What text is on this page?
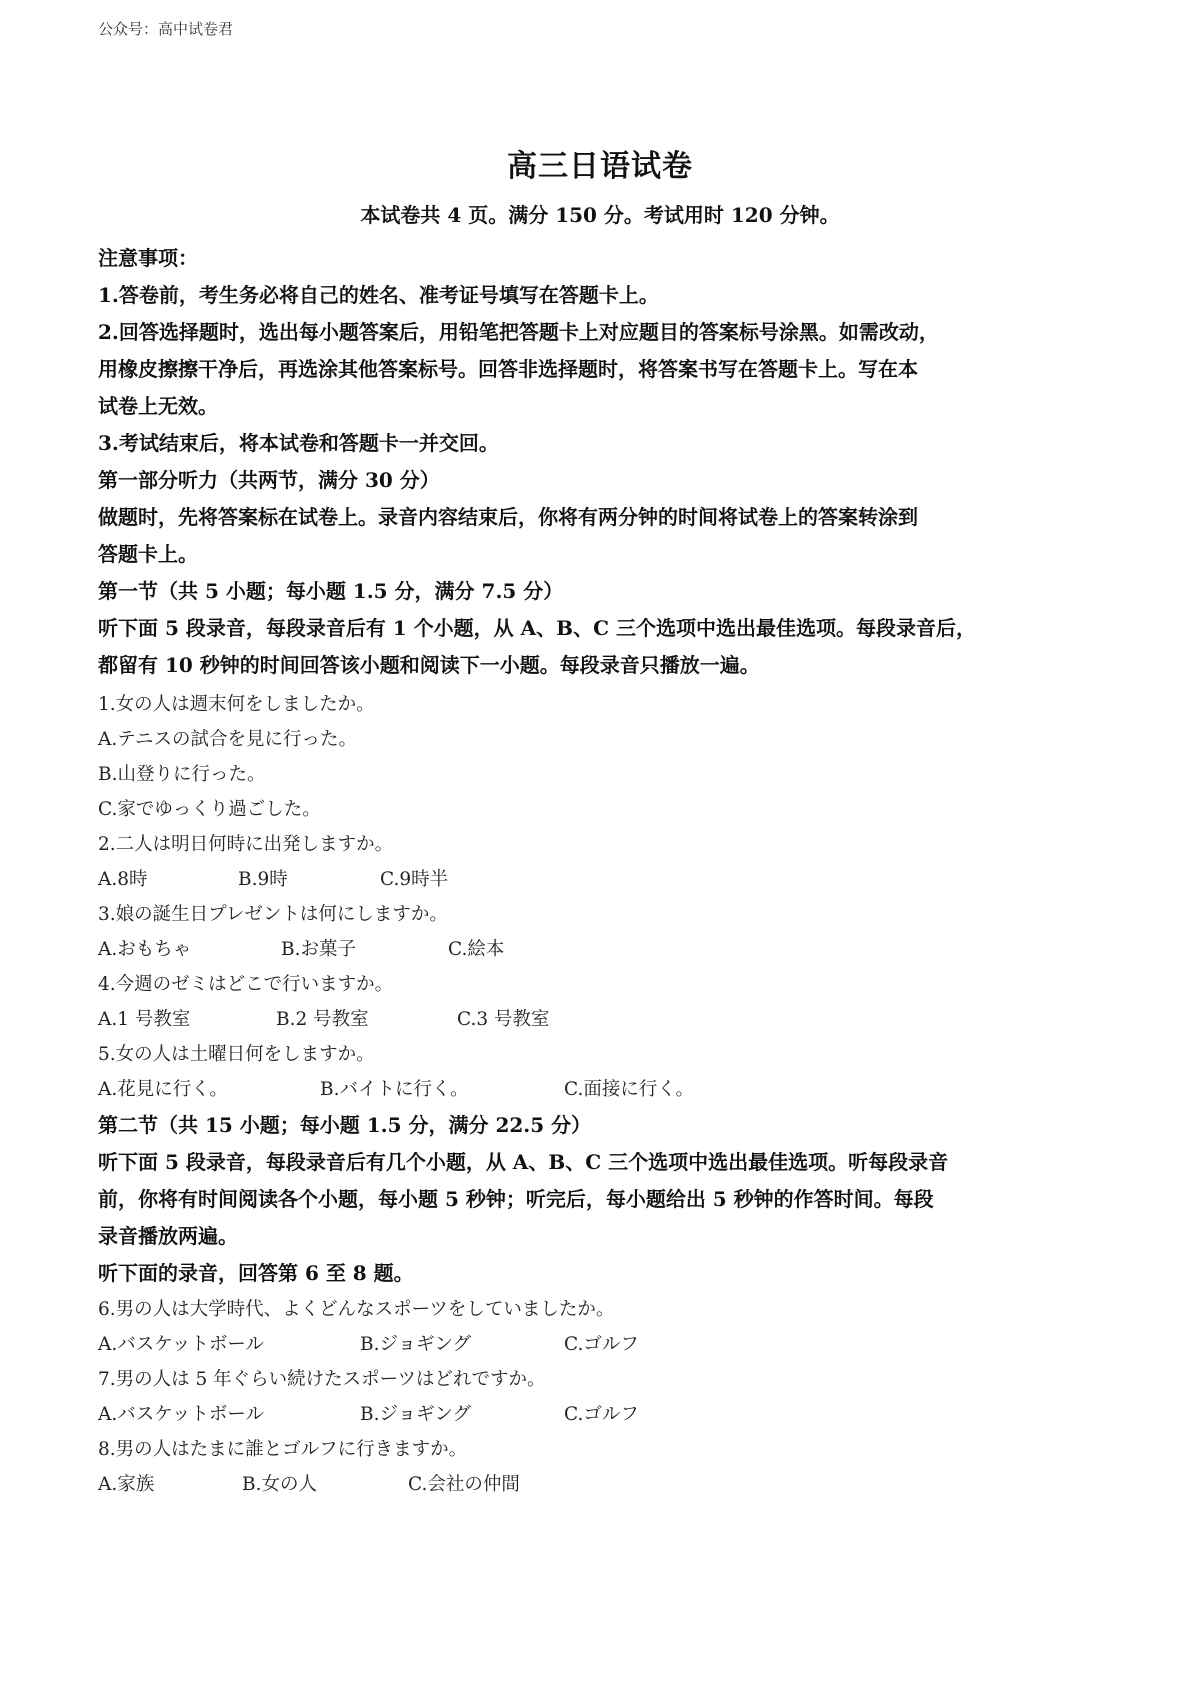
公众号：高中试卷君
高三日语试卷
本试卷共 4 页。满分 150 分。考试用时 120 分钟。

注意事项：

1.答卷前，考生务必将自己的姓名、准考证号填写在答题卡上。

2.回答选择题时，选出每小题答案后，用铅笔把答题卡上对应题目的答案标号涂黑。如需改动，

用橡皮擦擦干净后，再选涂其他答案标号。回答非选择题时，将答案书写在答题卡上。写在本

试卷上无效。

3.考试结束后，将本试卷和答题卡一并交回。

第一部分听力（共两节，满分 30 分）

做题时，先将答案标在试卷上。录音内容结束后，你将有两分钟的时间将试卷上的答案转涂到

答题卡上。

第一节（共 5 小题；每小题 1.5 分，满分 7.5 分）

听下面 5 段录音，每段录音后有 1 个小题，从 A、B、C 三个选项中选出最佳选项。每段录音后，

都留有 10 秒钟的时间回答该小题和阅读下一小题。每段录音只播放一遍。

1.女の人は週末何をしましたか。

A.テニスの試合を見に行った。

B.山登りに行った。

C.家でゆっくり過ごした。

2.二人は明日何時に出発しますか。

A.8時	B.9時	C.9時半

3.娘の誕生日プレゼントは何にしますか。

A.おもちゃ	B.お菓子	C.絵本

4.今週のゼミはどこで行いますか。

A.1 号教室	B.2 号教室	C.3 号教室

5.女の人は土曜日何をしますか。

A.花見に行く。	B.バイトに行く。	C.面接に行く。

第二节（共 15 小题；每小题 1.5 分，满分 22.5 分）

听下面 5 段录音，每段录音后有几个小题，从 A、B、C 三个选项中选出最佳选项。听每段录音

前，你将有时间阅读各个小题，每小题 5 秒钟；听完后，每小题给出 5 秒钟的作答时间。每段

录音播放两遍。

听下面的录音，回答第 6 至 8 题。

6.男の人は大学時代、よくどんなスポーツをしていましたか。

A.バスケットボール	B.ジョギング	C.ゴルフ

7.男の人は 5 年ぐらい続けたスポーツはどれですか。

A.バスケットボール	B.ジョギング	C.ゴルフ

8.男の人はたまに誰とゴルフに行きますか。

A.家族	B.女の人	C.会社の仲間
